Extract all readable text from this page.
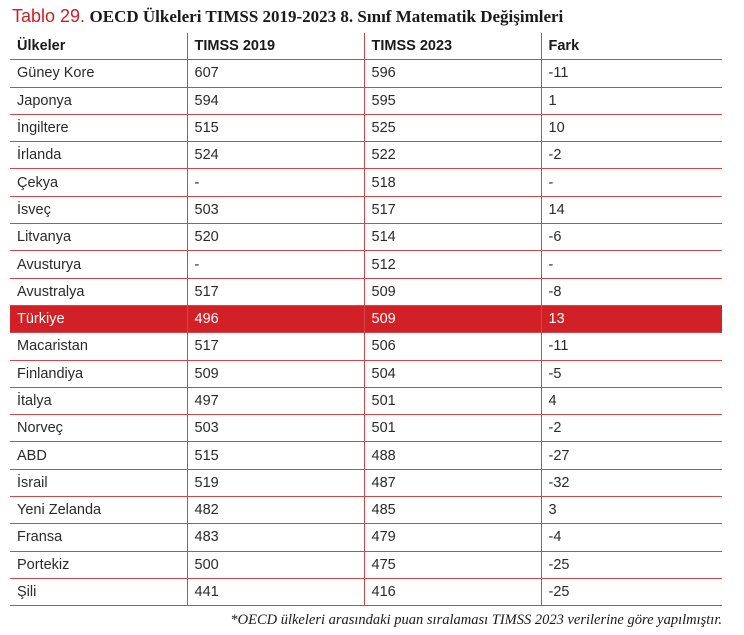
Tablo 29. OECD Ülkeleri TIMSS 2019-2023 8. Sınıf Matematik Değişimleri
Ülkeler	TIMSS 2019	TIMSS 2023	Fark
Güney Kore	607	596	-11
Japonya	594	595	1
İngiltere	515	525	10
İrlanda	524	522	-2
Çekya	-	518	-
İsveç	503	517	14
Litvanya	520	514	-6
Avusturya	-	512	-
Avustralya	517	509	-8
Türkiye	496	509	13
Macaristan	517	506	-11
Finlandiya	509	504	-5
İtalya	497	501	4
Norveç	503	501	-2
ABD	515	488	-27
İsrail	519	487	-32
Yeni Zelanda	482	485	3
Fransa	483	479	-4
Portekiz	500	475	-25
Şili	441	416	-25
*OECD ülkeleri arasındaki puan sıralaması TIMSS 2023 verilerine göre yapılmıştır.
